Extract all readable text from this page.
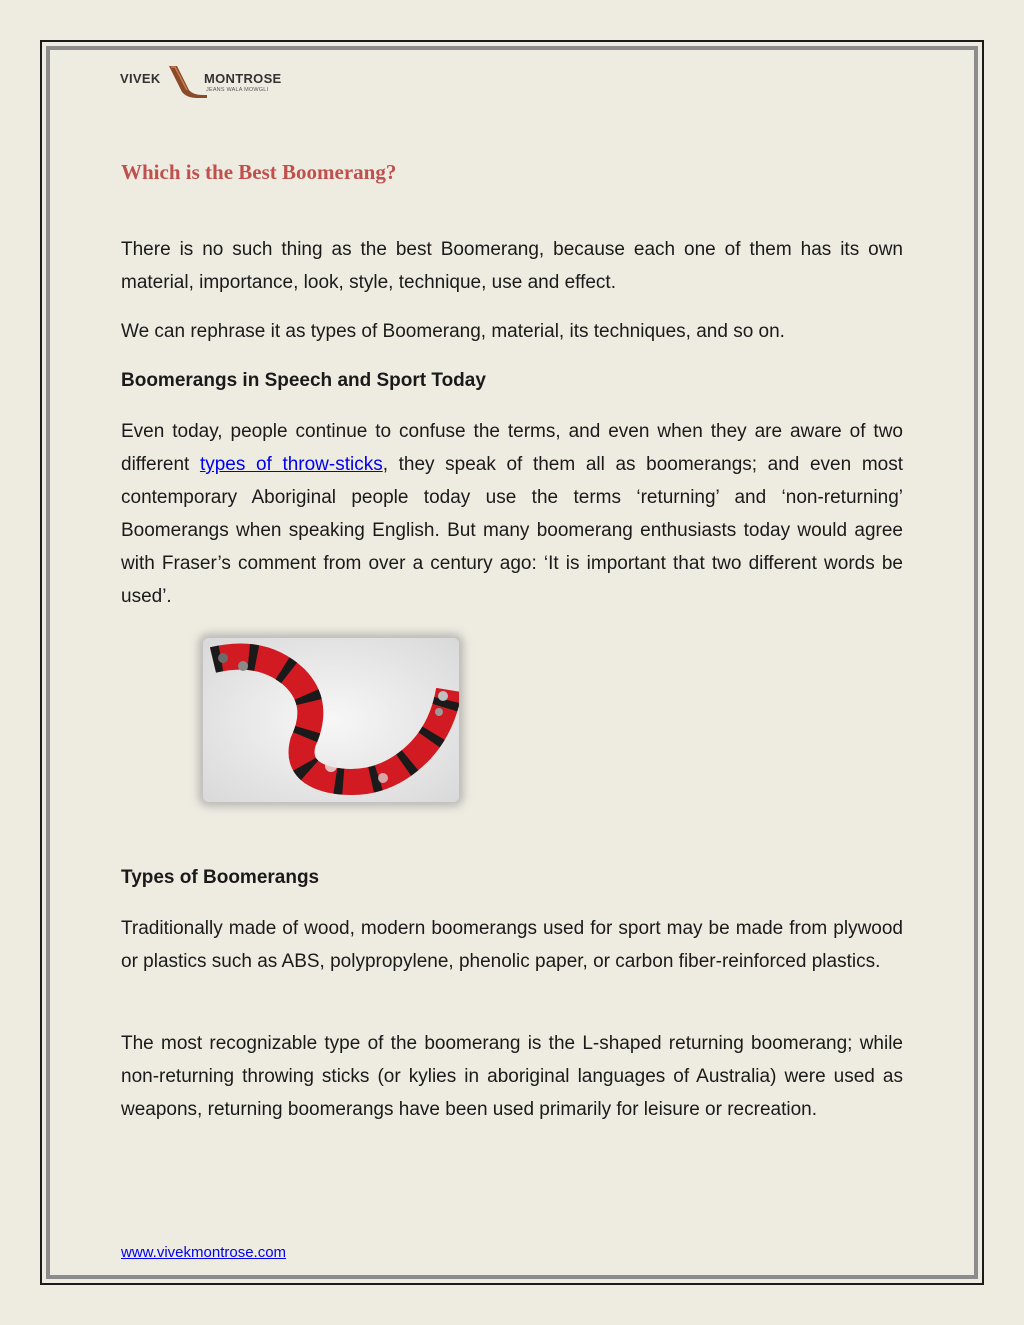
VIVEK	MONTROSE
JEANS WALA MOWGLI
Which is the Best Boomerang?

There is no such thing as the best Boomerang, because each one of them has its own material, importance, look, style, technique, use and effect.

We can rephrase it as types of Boomerang, material, its techniques, and so on.

Boomerangs in Speech and Sport Today

Even today, people continue to confuse the terms, and even when they are aware of two different types of throw-sticks, they speak of them all as boomerangs; and even most contemporary Aboriginal people today use the terms ‘returning’ and ‘non-returning’ Boomerangs when speaking English. But many boomerang enthusiasts today would agree with Fraser’s comment from over a century ago: ‘It is important that two different words be used’.

Types of Boomerangs

Traditionally made of wood, modern boomerangs used for sport may be made from plywood or plastics such as ABS, polypropylene, phenolic paper, or carbon fiber-reinforced plastics.

The most recognizable type of the boomerang is the L-shaped returning boomerang; while non-returning throwing sticks (or kylies in aboriginal languages of Australia) were used as weapons, returning boomerangs have been used primarily for leisure or recreation.

www.vivekmontrose.com
